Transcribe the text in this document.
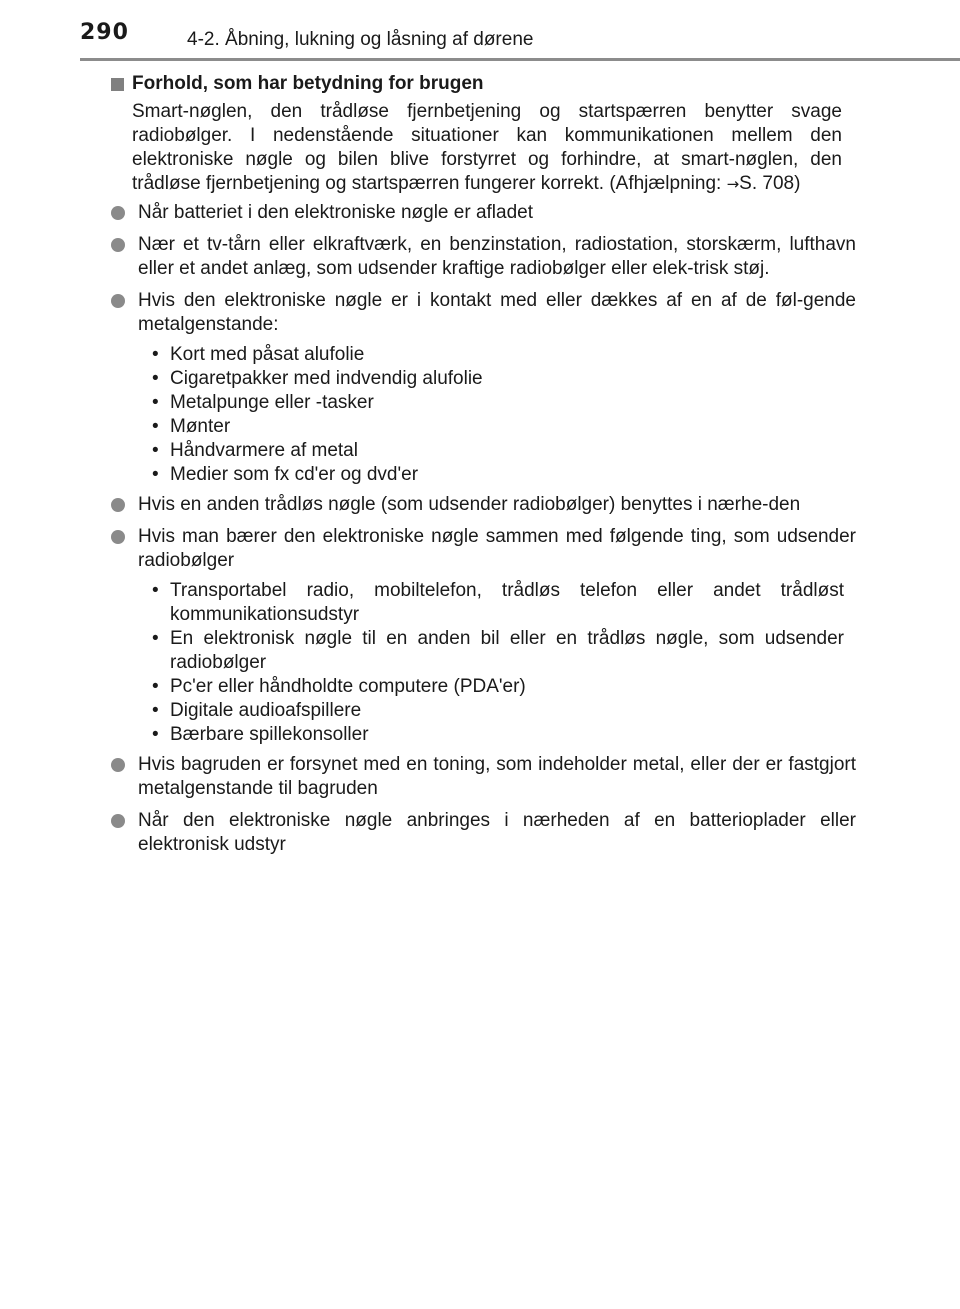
290	4-2. Åbning, lukning og låsning af dørene
Forhold, som har betydning for brugen
Smart-nøglen, den trådløse fjernbetjening og startspærren benytter svage radiobølger. I nedenstående situationer kan kommunikationen mellem den elektroniske nøgle og bilen blive forstyrret og forhindre, at smart-nøglen, den trådløse fjernbetjening og startspærren fungerer korrekt. (Afhjælpning: →S. 708)
Når batteriet i den elektroniske nøgle er afladet
Nær et tv-tårn eller elkraftværk, en benzinstation, radiostation, storskærm, lufthavn eller et andet anlæg, som udsender kraftige radiobølger eller elek-trisk støj.
Hvis den elektroniske nøgle er i kontakt med eller dækkes af en af de føl-gende metalgenstande:
• Kort med påsat alufolie
• Cigaretpakker med indvendig alufolie
• Metalpunge eller -tasker
• Mønter
• Håndvarmere af metal
• Medier som fx cd'er og dvd'er
Hvis en anden trådløs nøgle (som udsender radiobølger) benyttes i nærhe-den
Hvis man bærer den elektroniske nøgle sammen med følgende ting, som udsender radiobølger
• Transportabel radio, mobiltelefon, trådløs telefon eller andet trådløst kommunikationsudstyr
• En elektronisk nøgle til en anden bil eller en trådløs nøgle, som udsender radiobølger
• Pc'er eller håndholdte computere (PDA'er)
• Digitale audioafspillere
• Bærbare spillekonsoller
Hvis bagruden er forsynet med en toning, som indeholder metal, eller der er fastgjort metalgenstande til bagruden
Når den elektroniske nøgle anbringes i nærheden af en batterioplader eller elektronisk udstyr
